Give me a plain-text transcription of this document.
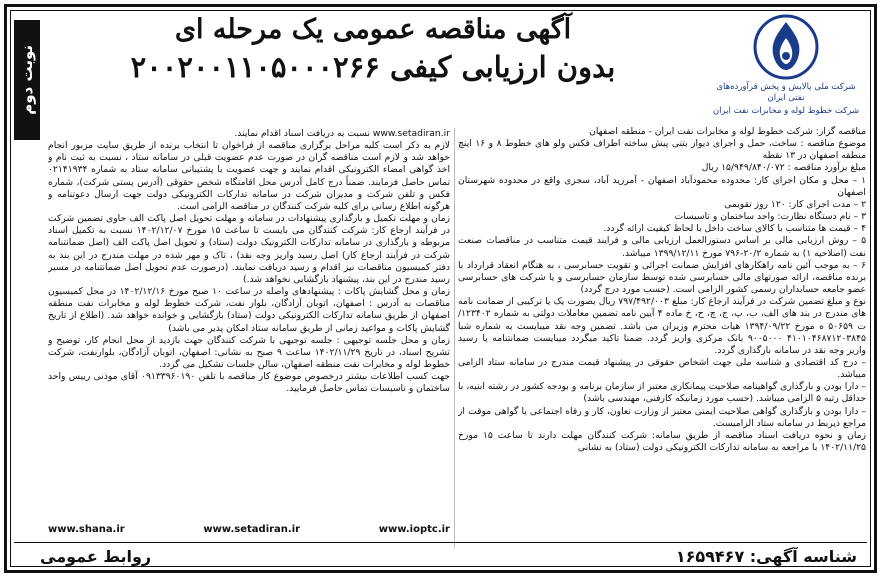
نوبت دوم	شرکت ملی پالایش و پخش فرآورده‌های نفتی ایران
شرکت خطوط لوله و مخابرات نفت ایران
آگهی مناقصه عمومی یک مرحله ای
بدون ارزیابی کیفی ۲۰۰۲۰۰۱۱۰۵۰۰۰۲۶۶

مناقصه گزار: شرکت خطوط لوله و مخابرات نفت ایران - منطقه اصفهان

موضوع مناقصه : ساخت، حمل و اجرای دیوار بتنی پیش ساخته اطراف فکس ولو های خطوط ۸ و ۱۶ اینچ منطقه اصفهان در ۱۳ نقطه

مبلغ برآورد مناقصه : ۱۵/۹۴۹/۸۴۰/۰۷۲ ریال

۱ – محل و مکان اجرای کار: محدوده محمودآباد اصفهان - آمرزید آباد، سجزی واقع در محدوده شهرستان اصفهان

۲ – مدت اجرای کار: ۱۲۰ روز تقویمی

۳ – نام دستگاه نظارت: واحد ساختمان و تاسیسات

۴ – قیمت ها متناسب با کالای ساخت داخل با لحاظ کیفیت ارائه گردد.

۵ – روش ارزیابی مالی بر اساس دستورالعمل ارزیابی مالی و فرایند قیمت متناسب در مناقصات صنعت نفت (اصلاحیه ۱) به شماره ۲۰/۲-۷۹۶ مورخ ۱۳۹۹/۱۲/۱۱ میباشد.

۶ – به موجب آئین نامه راهکارهای افزایش ضمانت اجرائی و تقویت حسابرسی ، به هنگام انعقاد قرارداد با برنده مناقصه، ارائه صورتهای مالی حسابرسی شده توسط سازمان حسابرسی و یا شرکت های حسابرسی عضو جامعه حسابداران رسمی کشور الزامی است. (حسب مورد درج گردد)

نوع و مبلغ تضمین شرکت در فرآیند ارجاع کار: مبلغ ۷۹۷/۴۹۲/۰۰۳ ریال بصورت یک یا ترکیبی از ضمانت نامه های مندرج در بند های الف، ب، پ، ج، چ، ح، خ ماده ۴ آیین نامه تضمین معاملات دولتی به شماره ۱۲۳۴۰۲/ت ۵۰۶۵۹ ه مورخ ۱۳۹۴/۰۹/۲۲ هیات محترم وزیران می باشد. تضمین وجه نقد میبایست به شماره شبا ۴۱۰۱۰۴۶۸۷۱۲۰۳۸۴۵ ۹۰۰۵۰۰۰ بانک مرکزی واریز گردد. ضمنا تاکید میگردد میبایست ضمانتنامه یا رسید واریز وجه نقد در سامانه بارگذاری گردد.

– درج کد اقتصادی و شناسه ملی جهت اشخاص حقوقی در پیشنهاد قیمت مندرج در سامانه ستاد الزامی میباشد.

– دارا بودن و بارگذاری گواهینامه صلاحیت پیمانکاری معتبر از سازمان برنامه و بودجه کشور در رشته ابنیه، با حداقل رتبه ۵ الزامی میباشد. (حسب مورد زمانیکه کارفنی، مهندسی باشد)

– دارا بودن و بارگذاری گواهی صلاحیت ایمنی معتبر از وزارت تعاون، کار و رفاه اجتماعی یا گواهی موقت از مراجع ذیربط در سامانه ستاد الزامیست.

زمان و نحوه دریافت اسناد مناقصه از طریق سامانه: شرکت کنندگان مهلت دارند تا ساعت ۱۵ مورخ ۱۴۰۲/۱۱/۲۵ با مراجعه به سامانه تدارکات الکترونیکی دولت (ستاد) به نشانی

www.setadiran.ir نسبت به دریافت اسناد اقدام نمایند.

لازم به ذکر است کلیه مراحل برگزاری مناقصه از فراخوان تا انتخاب برنده از طریق سایت مزبور انجام خواهد شد و لازم است مناقصه گران در صورت عدم عضویت قبلی در سامانه ستاد ، نسبت به ثبت نام و اخذ گواهی امضاء الکترونیکی اقدام نمایند و جهت عضویت با پشتیبانی سامانه ستاد به شماره ۰۲۱۴۱۹۳۴ تماس حاصل فرمایند. ضمناً درج کامل آدرس محل اقامتگاه شخص حقوقی (آدرس پستی شرکت)، شماره فکس و تلفن شرکت و مدیران شرکت در سامانه تدارکات الکترونیکی دولت جهت ارسال دعوتنامه و هرگونه اطلاع رسانی برای کلیه شرکت کنندگان در مناقصه الزامی است.

زمان و مهلت تکمیل و بارگذاری پیشنهادات در سامانه و مهلت تحویل اصل پاکت الف حاوی تضمین شرکت در فرآیند ارجاع کار: شرکت کنندگان می بایست تا ساعت ۱۵ مورخ ۱۴۰۲/۱۲/۰۷ نسبت به تکمیل اسناد مربوطه و بارگذاری در سامانه تدارکات الکترونیک دولت (ستاد) و تحویل اصل پاکت الف (اصل ضمانتنامه شرکت در فرآیند ارجاع کار) اصل رسید واریز وجه نقد) ، تاک و مهر شده در مهلت مندرج در این بند به دفتر کمیسیون مناقصات نیز اقدام و رسید دریافت نمایند. (درصورت عدم تحویل اصل ضمانتنامه در مسیر رسید مندرج در این بند، پیشنهاد بازگشایی نخواهد شد.)

زمان و محل گشایش پاکات : پیشنهادهای واصله در ساعت ۱۰ صبح مورخ ۱۴۰۲/۱۲/۱۶ در محل کمیسیون مناقصات به آدرس : اصفهان، اتوبان آزادگان، بلوار نفت، شرکت خطوط لوله و مخابرات نفت منطقه اصفهان از طریق سامانه تدارکات الکترونیکی دولت (ستاد) بازگشایی و خوانده خواهد شد. (اطلاع از تاریخ گشایش پاکات و مواعید زمانی از طریق سامانه ستاد امکان پذیر می باشد)

زمان و محل جلسه توجیهی : جلسه توجیهی با شرکت کنندگان جهت بازدید از محل انجام کار، توضیح و تشریح اسناد، در تاریخ ۱۴۰۲/۱۱/۲۹ ساعت ۹ صبح به نشانی: اصفهان، اتوبان آزادگان، بلوارنفت، شرکت خطوط لوله و مخابرات نفت منطقه اصفهان، سالن جلسات تشکیل می گردد.

جهت کسب اطلاعات بیشتر درخصوص موضوع کار مناقصه با تلفن ۰۹۱۳۳۹۶۰۱۹۰ آقای موذنی رییس واحد ساختمان و تاسیسات تماس حاصل فرمایید.

www.shana.ir	www.setadiran.ir	www.ioptc.ir
شناسه آگهی: ۱۶۵۹۴۶۷
روابط عمومی
